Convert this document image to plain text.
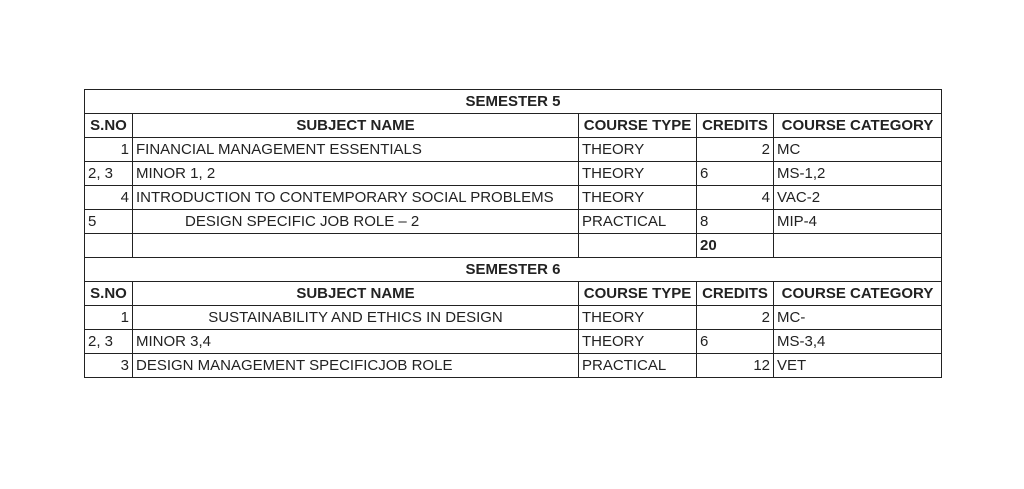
SEMESTER 5				
S.NO	SUBJECT NAME	COURSE TYPE	CREDITS	COURSE CATEGORY
1	FINANCIAL MANAGEMENT ESSENTIALS	THEORY	2	MC
2, 3	MINOR 1, 2	THEORY	6	MS-1,2
4	INTRODUCTION TO CONTEMPORARY SOCIAL PROBLEMS	THEORY	4	VAC-2
5	DESIGN SPECIFIC JOB ROLE – 2	PRACTICAL	8	MIP-4
			20	
SEMESTER 6				
S.NO	SUBJECT NAME	COURSE TYPE	CREDITS	COURSE CATEGORY
1	SUSTAINABILITY AND ETHICS IN DESIGN	THEORY	2	MC-
2, 3	MINOR 3,4	THEORY	6	MS-3,4
3	DESIGN MANAGEMENT SPECIFICJOB ROLE	PRACTICAL	12	VET
